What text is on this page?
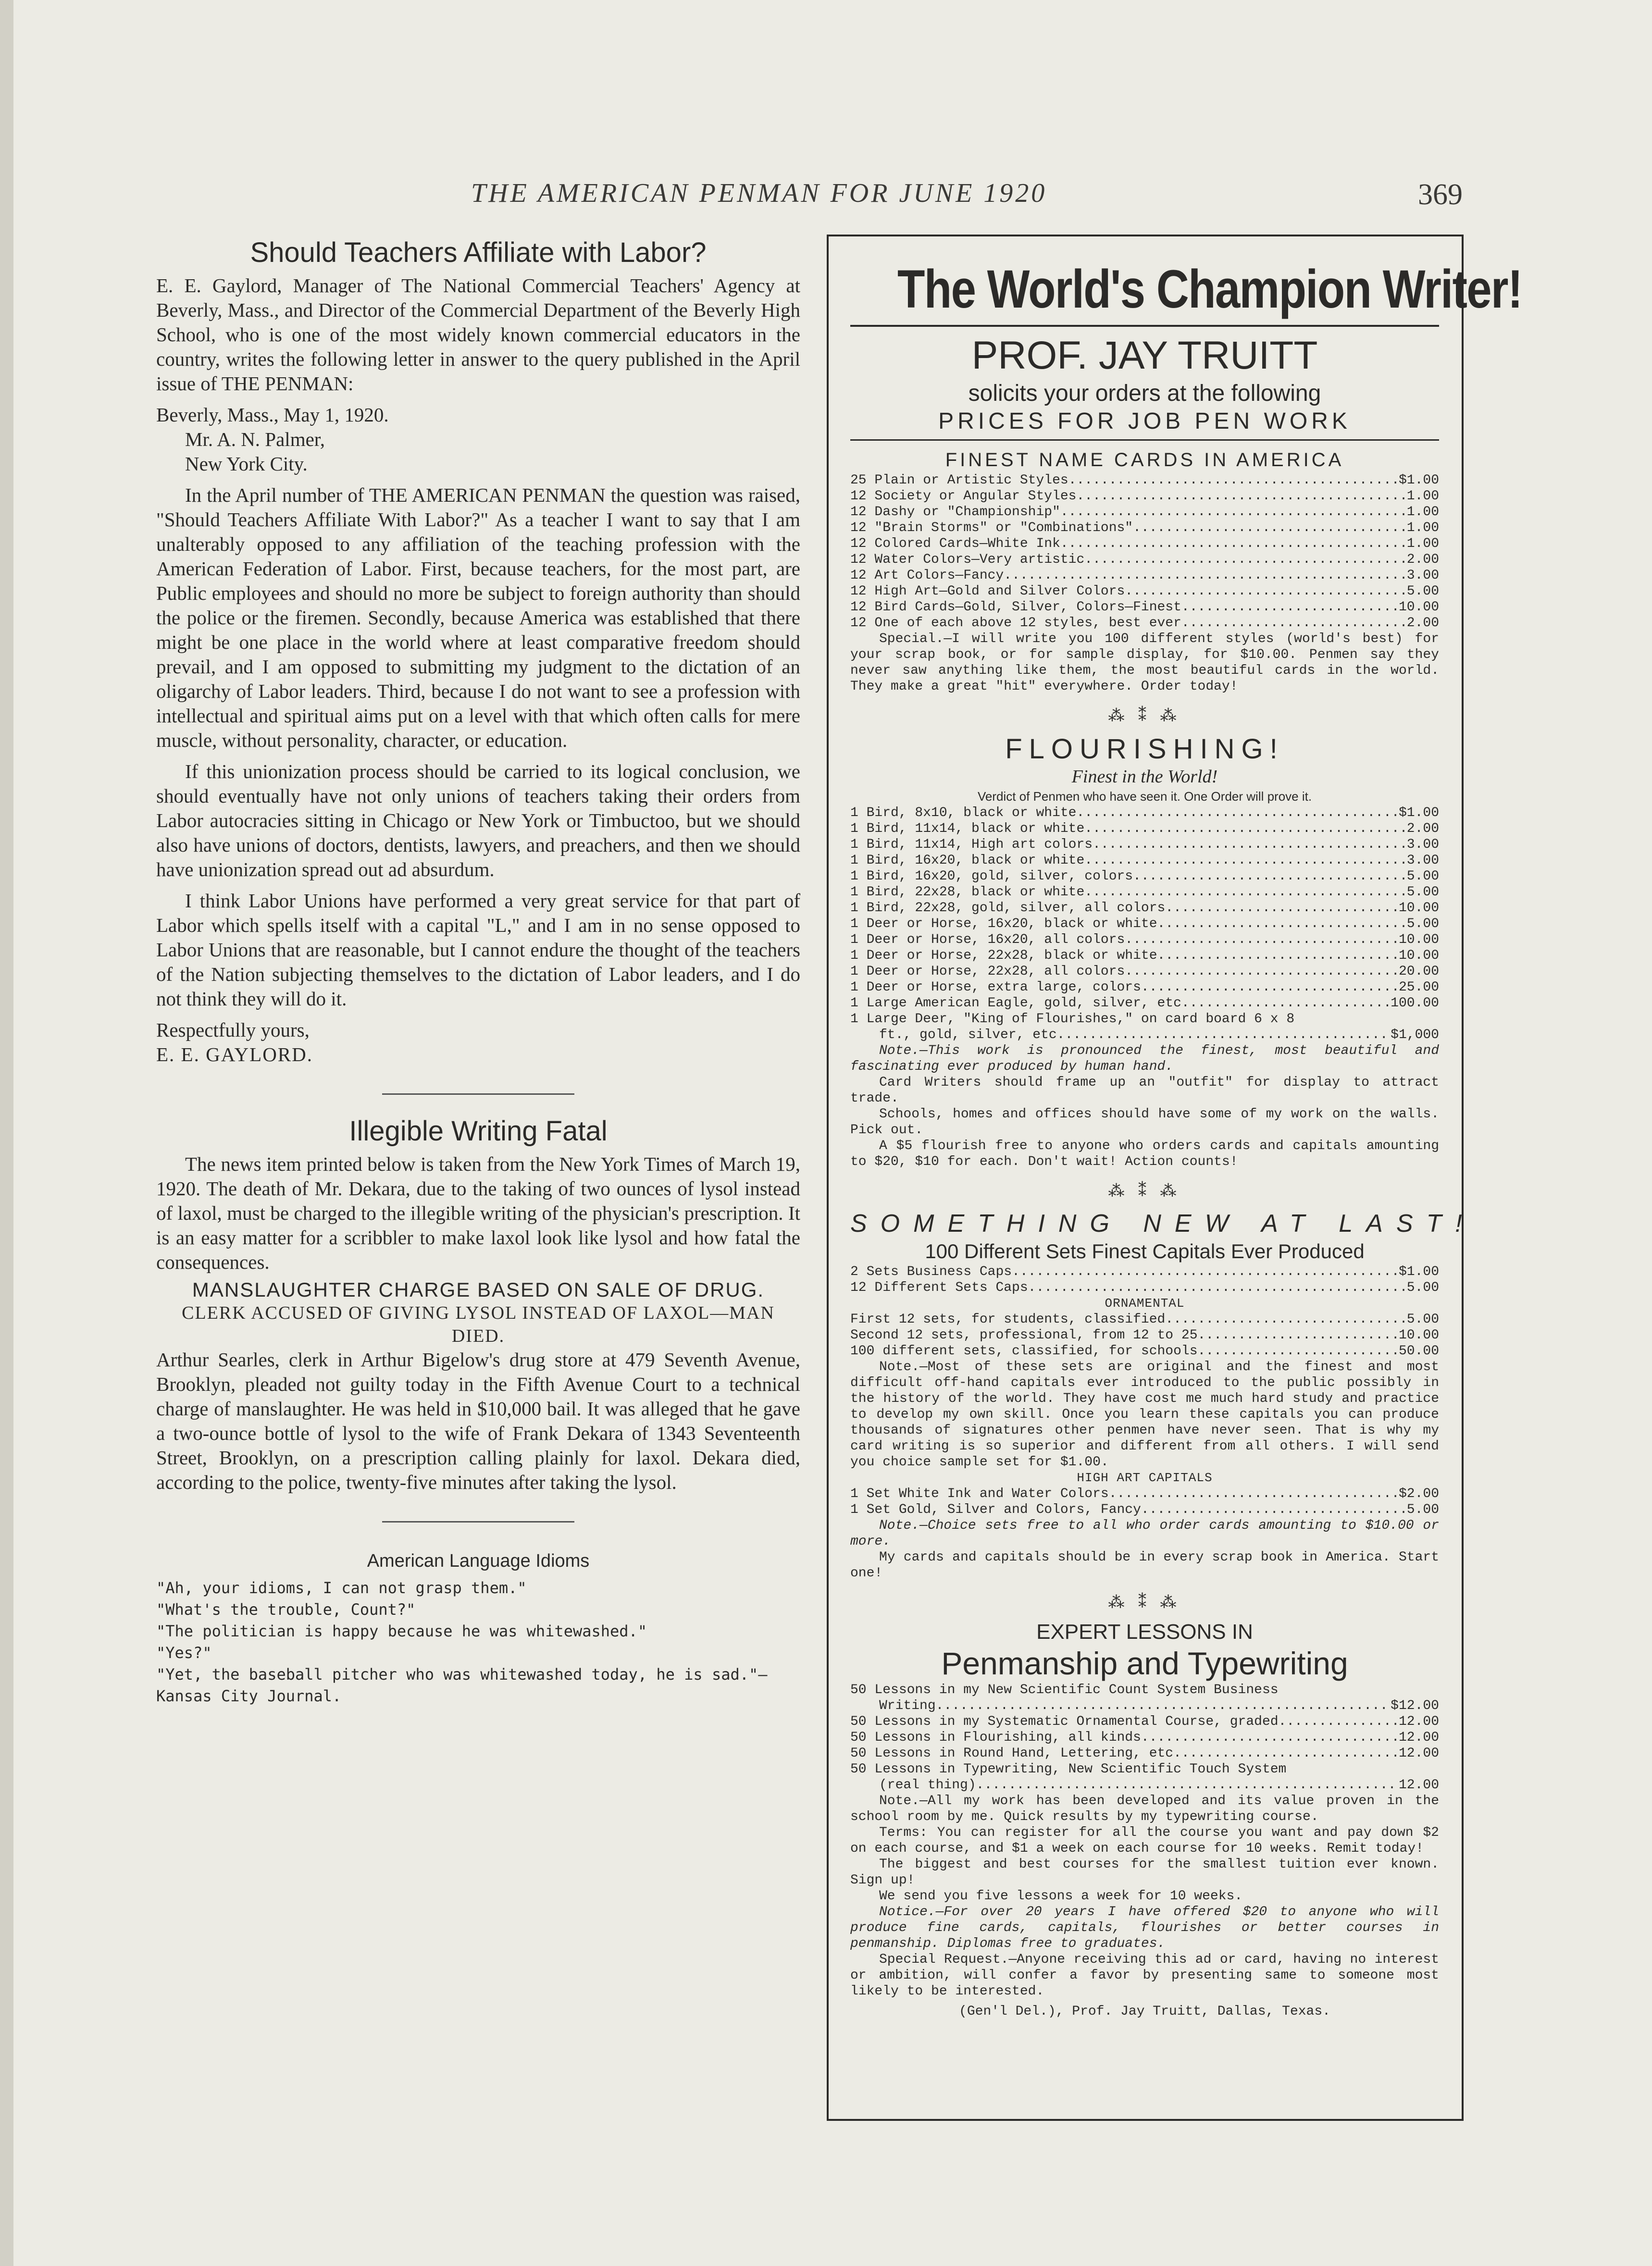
THE AMERICAN PENMAN FOR JUNE 1920	369
Should Teachers Affiliate with Labor?

E. E. Gaylord, Manager of The National Commercial Teachers' Agency at Beverly, Mass., and Director of the Commercial Department of the Beverly High School, who is one of the most widely known commercial educators in the country, writes the following letter in answer to the query published in the April issue of THE PENMAN:

Beverly, Mass., May 1, 1920.

Mr. A. N. Palmer,

New York City.

In the April number of THE AMERICAN PENMAN the question was raised, "Should Teachers Affiliate With Labor?" As a teacher I want to say that I am unalterably opposed to any affiliation of the teaching profession with the American Federation of Labor. First, because teachers, for the most part, are Public employees and should no more be subject to foreign authority than should the police or the firemen. Secondly, because America was established that there might be one place in the world where at least comparative freedom should prevail, and I am opposed to submitting my judgment to the dictation of an oligarchy of Labor leaders. Third, because I do not want to see a profession with intellectual and spiritual aims put on a level with that which often calls for mere muscle, without personality, character, or education.

If this unionization process should be carried to its logical conclusion, we should eventually have not only unions of teachers taking their orders from Labor autocracies sitting in Chicago or New York or Timbuctoo, but we should also have unions of doctors, dentists, lawyers, and preachers, and then we should have unionization spread out ad absurdum.

I think Labor Unions have performed a very great service for that part of Labor which spells itself with a capital "L," and I am in no sense opposed to Labor Unions that are reasonable, but I cannot endure the thought of the teachers of the Nation subjecting themselves to the dictation of Labor leaders, and I do not think they will do it.

Respectfully yours,

E. E. GAYLORD.

Illegible Writing Fatal

The news item printed below is taken from the New York Times of March 19, 1920. The death of Mr. Dekara, due to the taking of two ounces of lysol instead of laxol, must be charged to the illegible writing of the physician's prescription. It is an easy matter for a scribbler to make laxol look like lysol and how fatal the consequences.

MANSLAUGHTER CHARGE BASED ON SALE OF DRUG.
CLERK ACCUSED OF GIVING LYSOL INSTEAD OF LAXOL—MAN DIED.

Arthur Searles, clerk in Arthur Bigelow's drug store at 479 Seventh Avenue, Brooklyn, pleaded not guilty today in the Fifth Avenue Court to a technical charge of manslaughter. He was held in $10,000 bail. It was alleged that he gave a two-ounce bottle of lysol to the wife of Frank Dekara of 1343 Seventeenth Street, Brooklyn, on a prescription calling plainly for laxol. Dekara died, according to the police, twenty-five minutes after taking the lysol.

American Language Idioms
"Ah, your idioms, I can not grasp them."
"What's the trouble, Count?"
"The politician is happy because he was whitewashed."
"Yes?"
"Yet, the baseball pitcher who was whitewashed today, he is sad."—Kansas City Journal.
The World's Champion Writer!
PROF. JAY TRUITT
solicits your orders at the following
PRICES FOR JOB PEN WORK
FINEST NAME CARDS IN AMERICA
25 Plain or Artistic Styles .....	$1.00
12 Society or Angular Styles .....	1.00
12 Dashy or "Championship" .....	1.00
12 "Brain Storms" or "Combinations" .....	1.00
12 Colored Cards—White Ink .....	1.00
12 Water Colors—Very artistic .....	2.00
12 Art Colors—Fancy .....	3.00
12 High Art—Gold and Silver Colors .....	5.00
12 Bird Cards—Gold, Silver, Colors—Finest .....	10.00
12 One of each above 12 styles, best ever .....	2.00
Special.—I will write you 100 different styles (world's best) for your scrap book, or for sample display, for $10.00. Penmen say they never saw anything like them, the most beautiful cards in the world. They make a great "hit" everywhere. Order today!
⁂ ⁑ ⁂
FLOURISHING!
Finest in the World!
Verdict of Penmen who have seen it. One Order will prove it.
1 Bird, 8x10, black or white .....	$1.00
1 Bird, 11x14, black or white .....	2.00
1 Bird, 11x14, High art colors .....	3.00
1 Bird, 16x20, black or white .....	3.00
1 Bird, 16x20, gold, silver, colors .....	5.00
1 Bird, 22x28, black or white .....	5.00
1 Bird, 22x28, gold, silver, all colors .....	10.00
1 Deer or Horse, 16x20, black or white .....	5.00
1 Deer or Horse, 16x20, all colors .....	10.00
1 Deer or Horse, 22x28, black or white .....	10.00
1 Deer or Horse, 22x28, all colors .....	20.00
1 Deer or Horse, extra large, colors .....	25.00
1 Large American Eagle, gold, silver, etc .....	100.00
1 Large Deer, "King of Flourishes," on card board 6 x 8
ft., gold, silver, etc .....	$1,000
Note.—This work is pronounced the finest, most beautiful and fascinating ever produced by human hand.
Card Writers should frame up an "outfit" for display to attract trade.
Schools, homes and offices should have some of my work on the walls. Pick out.
A $5 flourish free to anyone who orders cards and capitals amounting to $20, $10 for each. Don't wait! Action counts!
⁂ ⁑ ⁂
SOMETHING NEW AT LAST!
100 Different Sets Finest Capitals Ever Produced
2 Sets Business Caps .....	$1.00
12 Different Sets Caps .....	5.00
ORNAMENTAL
First 12 sets, for students, classified .....	5.00
Second 12 sets, professional, from 12 to 25 .....	10.00
100 different sets, classified, for schools .....	50.00
Note.—Most of these sets are original and the finest and most difficult off-hand capitals ever introduced to the public possibly in the history of the world. They have cost me much hard study and practice to develop my own skill. Once you learn these capitals you can produce thousands of signatures other penmen have never seen. That is why my card writing is so superior and different from all others. I will send you choice sample set for $1.00.
HIGH ART CAPITALS
1 Set White Ink and Water Colors .....	$2.00
1 Set Gold, Silver and Colors, Fancy .....	5.00
Note.—Choice sets free to all who order cards amounting to $10.00 or more.
My cards and capitals should be in every scrap book in America. Start one!
⁂ ⁑ ⁂
EXPERT LESSONS IN
Penmanship and Typewriting
50 Lessons in my New Scientific Count System Business
Writing .....	$12.00
50 Lessons in my Systematic Ornamental Course, graded .....	12.00
50 Lessons in Flourishing, all kinds .....	12.00
50 Lessons in Round Hand, Lettering, etc .....	12.00
50 Lessons in Typewriting, New Scientific Touch System
(real thing) .....	12.00
Note.—All my work has been developed and its value proven in the school room by me. Quick results by my typewriting course.
Terms: You can register for all the course you want and pay down $2 on each course, and $1 a week on each course for 10 weeks. Remit today!
The biggest and best courses for the smallest tuition ever known. Sign up!
We send you five lessons a week for 10 weeks.
Notice.—For over 20 years I have offered $20 to anyone who will produce fine cards, capitals, flourishes or better courses in penmanship. Diplomas free to graduates.
Special Request.—Anyone receiving this ad or card, having no interest or ambition, will confer a favor by presenting same to someone most likely to be interested.
(Gen'l Del.), Prof. Jay Truitt, Dallas, Texas.
